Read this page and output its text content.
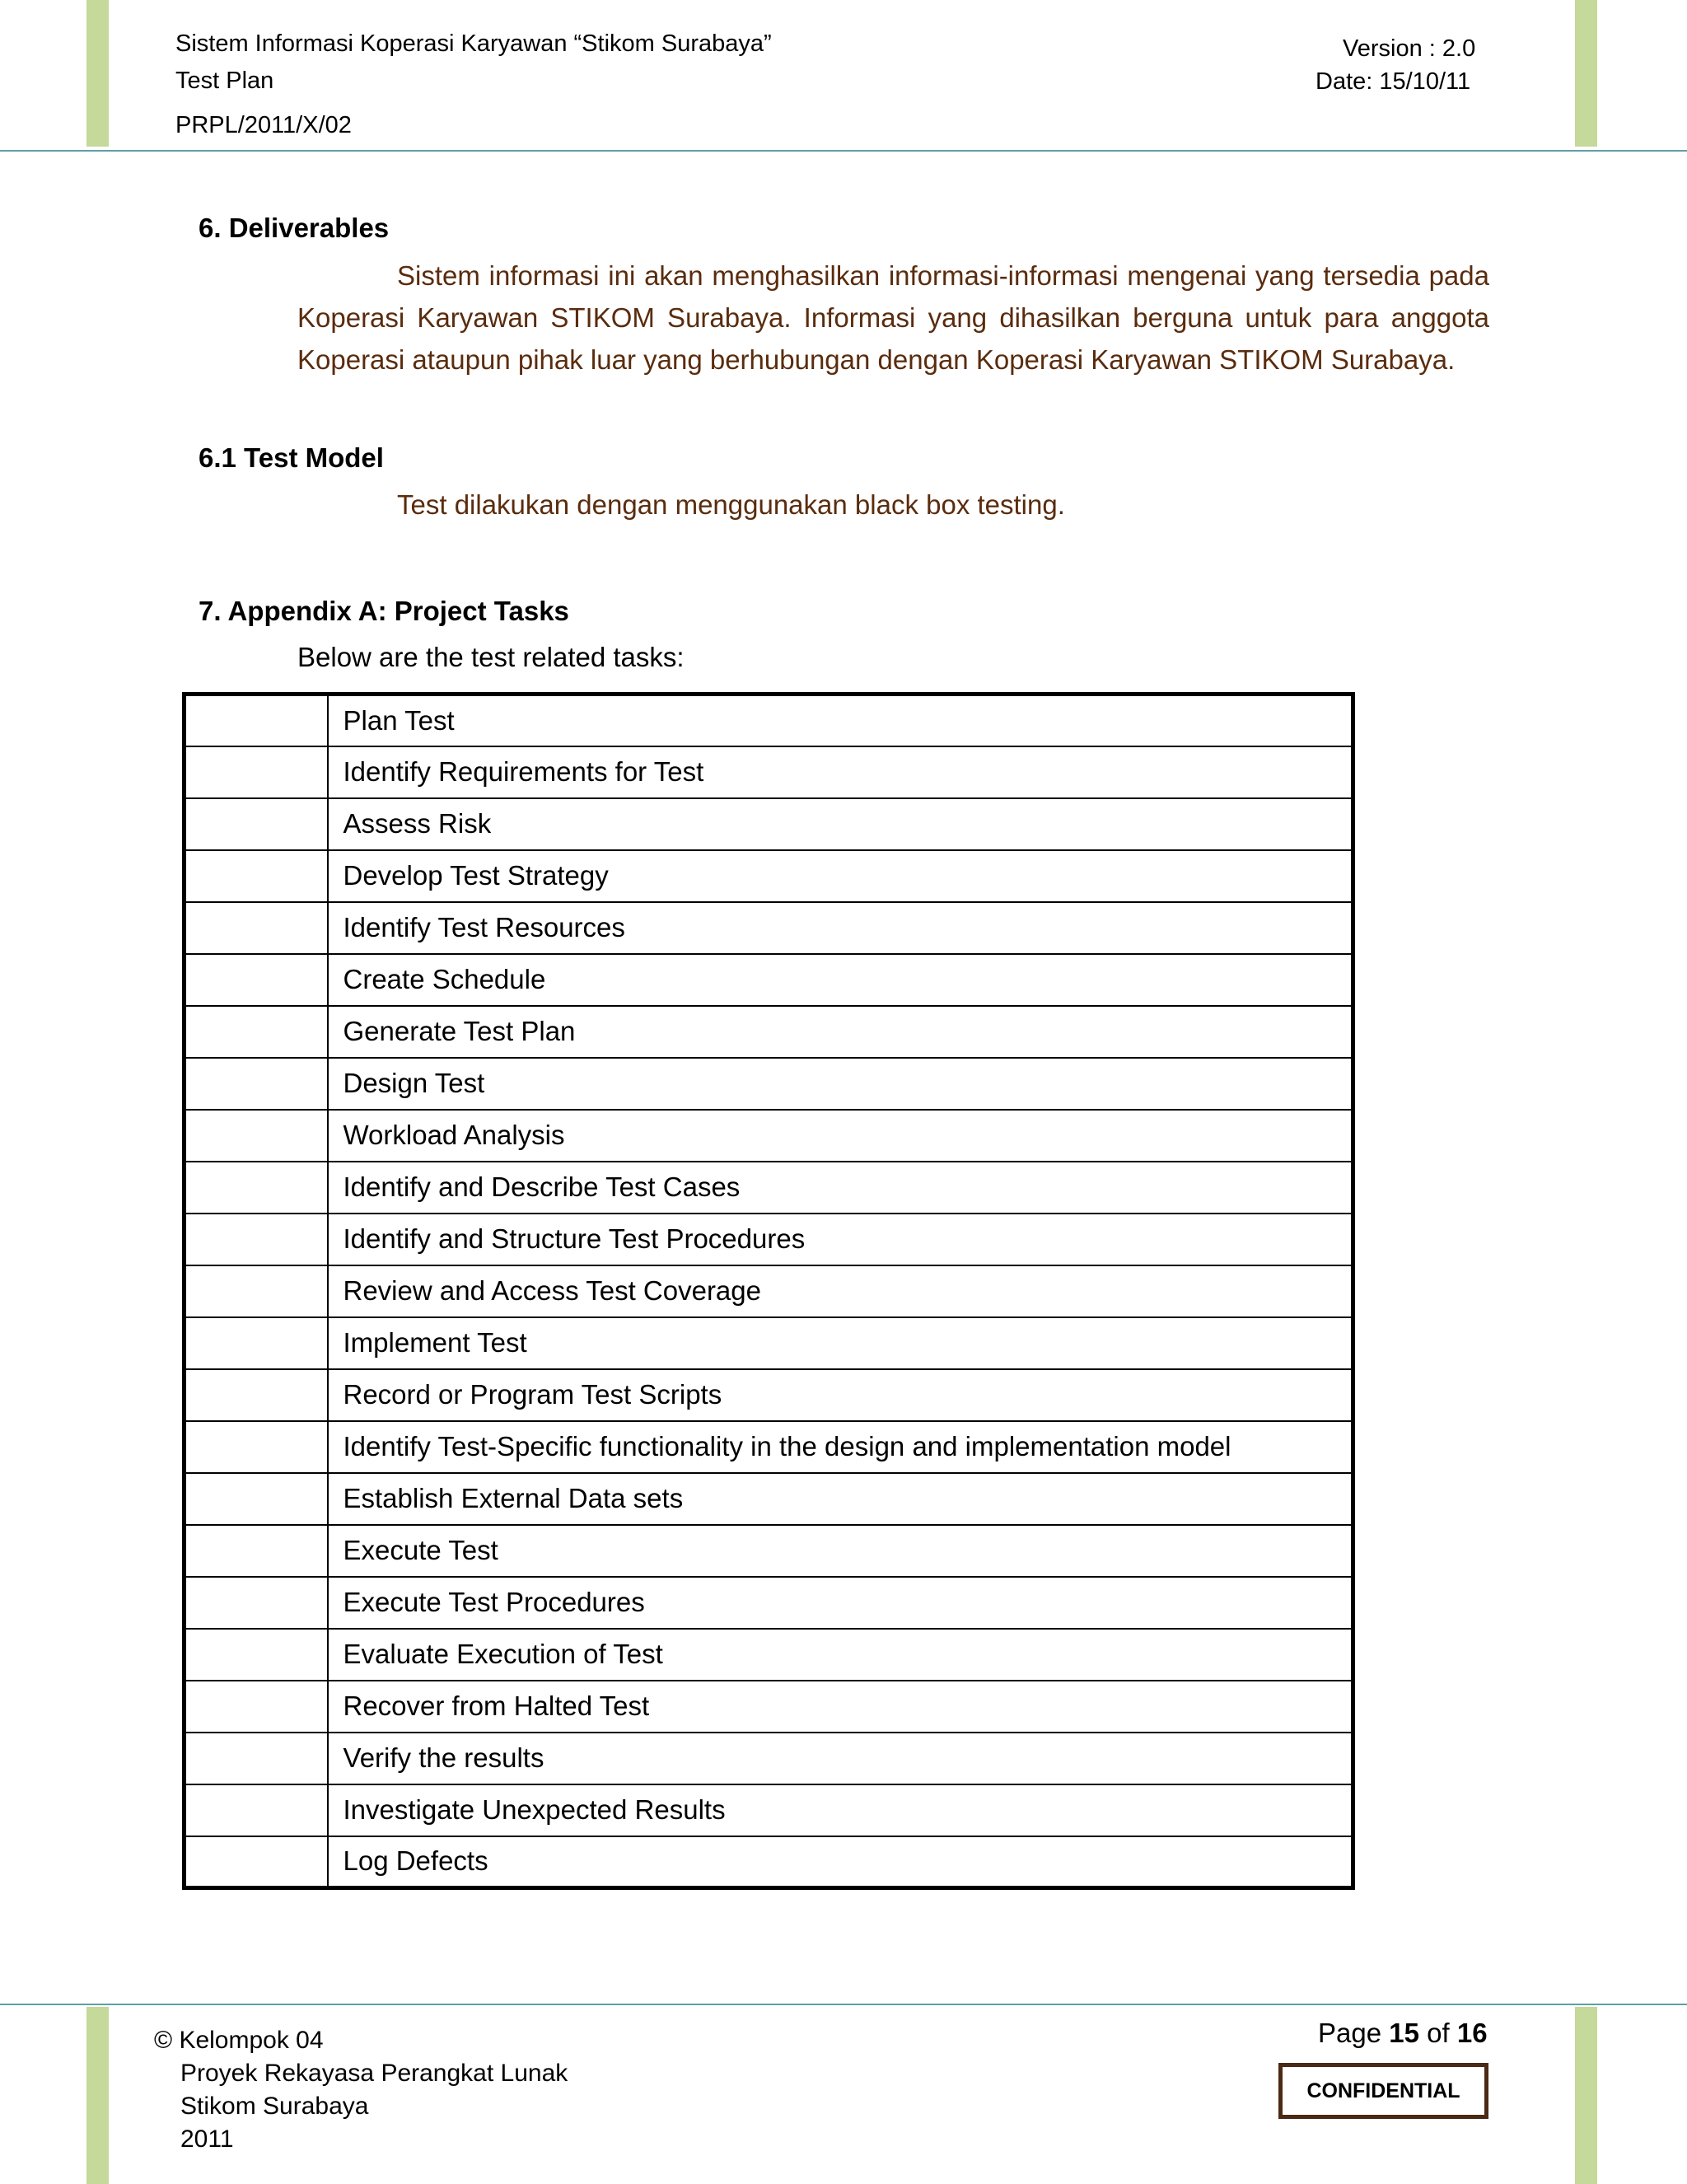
Sistem Informasi Koperasi Karyawan “Stikom Surabaya”
Test Plan
PRPL/2011/X/02
Version : 2.0
Date: 15/10/11
6. Deliverables
Sistem informasi ini akan menghasilkan informasi-informasi mengenai yang tersedia pada Koperasi Karyawan STIKOM Surabaya. Informasi yang dihasilkan berguna untuk para anggota Koperasi ataupun pihak luar yang berhubungan dengan Koperasi Karyawan STIKOM Surabaya.
6.1 Test Model
Test dilakukan dengan menggunakan black box testing.
7. Appendix A: Project Tasks
Below are the test related tasks:
	Plan Test
	Identify Requirements for Test
	Assess Risk
	Develop Test Strategy
	Identify Test Resources
	Create Schedule
	Generate Test Plan
	Design Test
	Workload Analysis
	Identify and Describe Test Cases
	Identify and Structure Test Procedures
	Review and Access Test Coverage
	Implement Test
	Record or Program Test Scripts
	Identify Test-Specific functionality in the design and implementation model
	Establish External Data sets
	Execute Test
	Execute Test Procedures
	Evaluate Execution of Test
	Recover from Halted Test
	Verify the results
	Investigate Unexpected Results
	Log Defects
© Kelompok 04
Proyek Rekayasa Perangkat Lunak
Stikom Surabaya
2011
Page 15 of 16
CONFIDENTIAL
